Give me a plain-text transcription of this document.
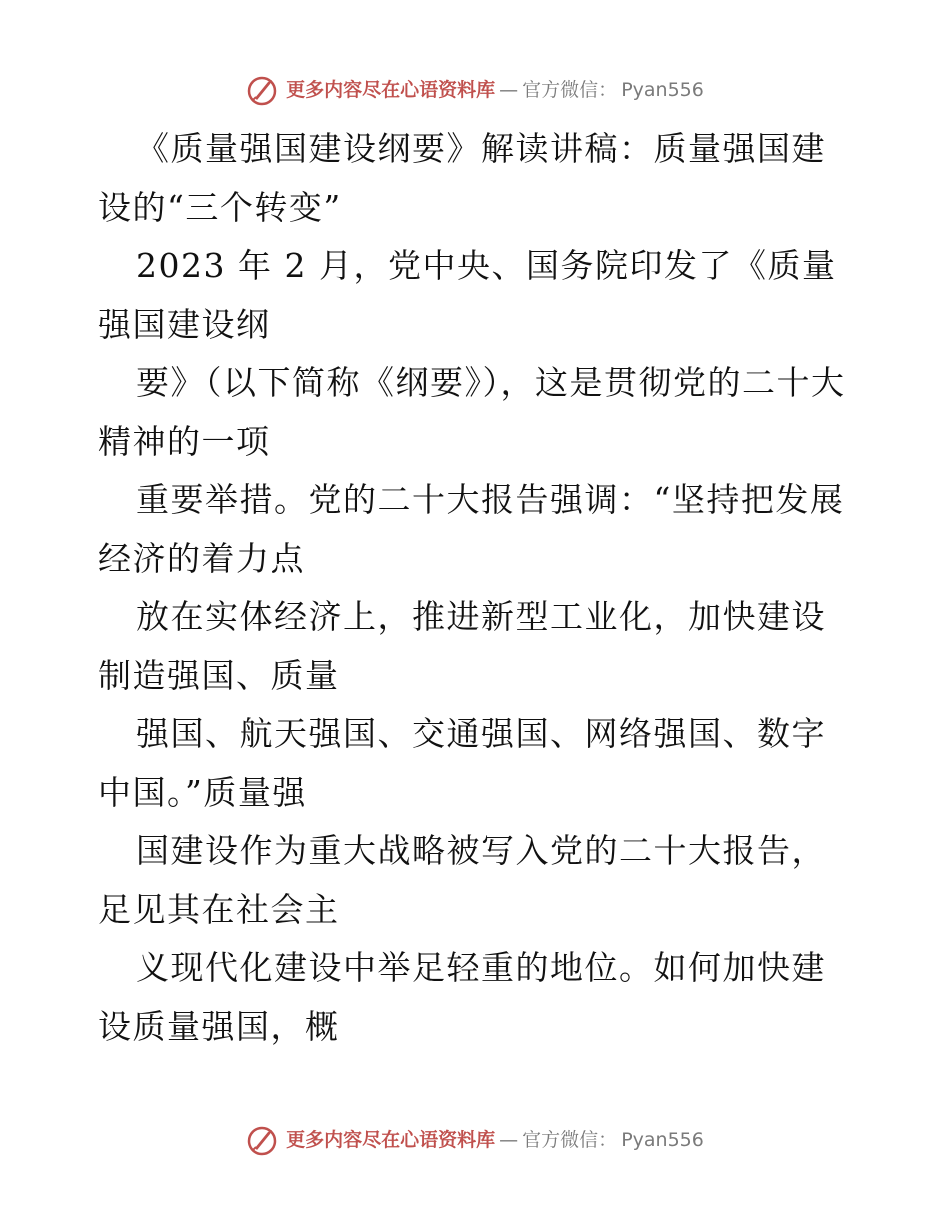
更多内容尽在心语资料库 — 官方微信： Pyan556

《质量强国建设纲要》解读讲稿：质量强国建设的“三个转变”

2023 年 2 月，党中央、国务院印发了《质量强国建设纲

要》（以下简称《纲要》），这是贯彻党的二十大精神的一项

重要举措。党的二十大报告强调：“坚持把发展经济的着力点

放在实体经济上，推进新型工业化，加快建设制造强国、质量

强国、航天强国、交通强国、网络强国、数字中国。”质量强

国建设作为重大战略被写入党的二十大报告，足见其在社会主

义现代化建设中举足轻重的地位。如何加快建设质量强国，概

更多内容尽在心语资料库 — 官方微信： Pyan556
